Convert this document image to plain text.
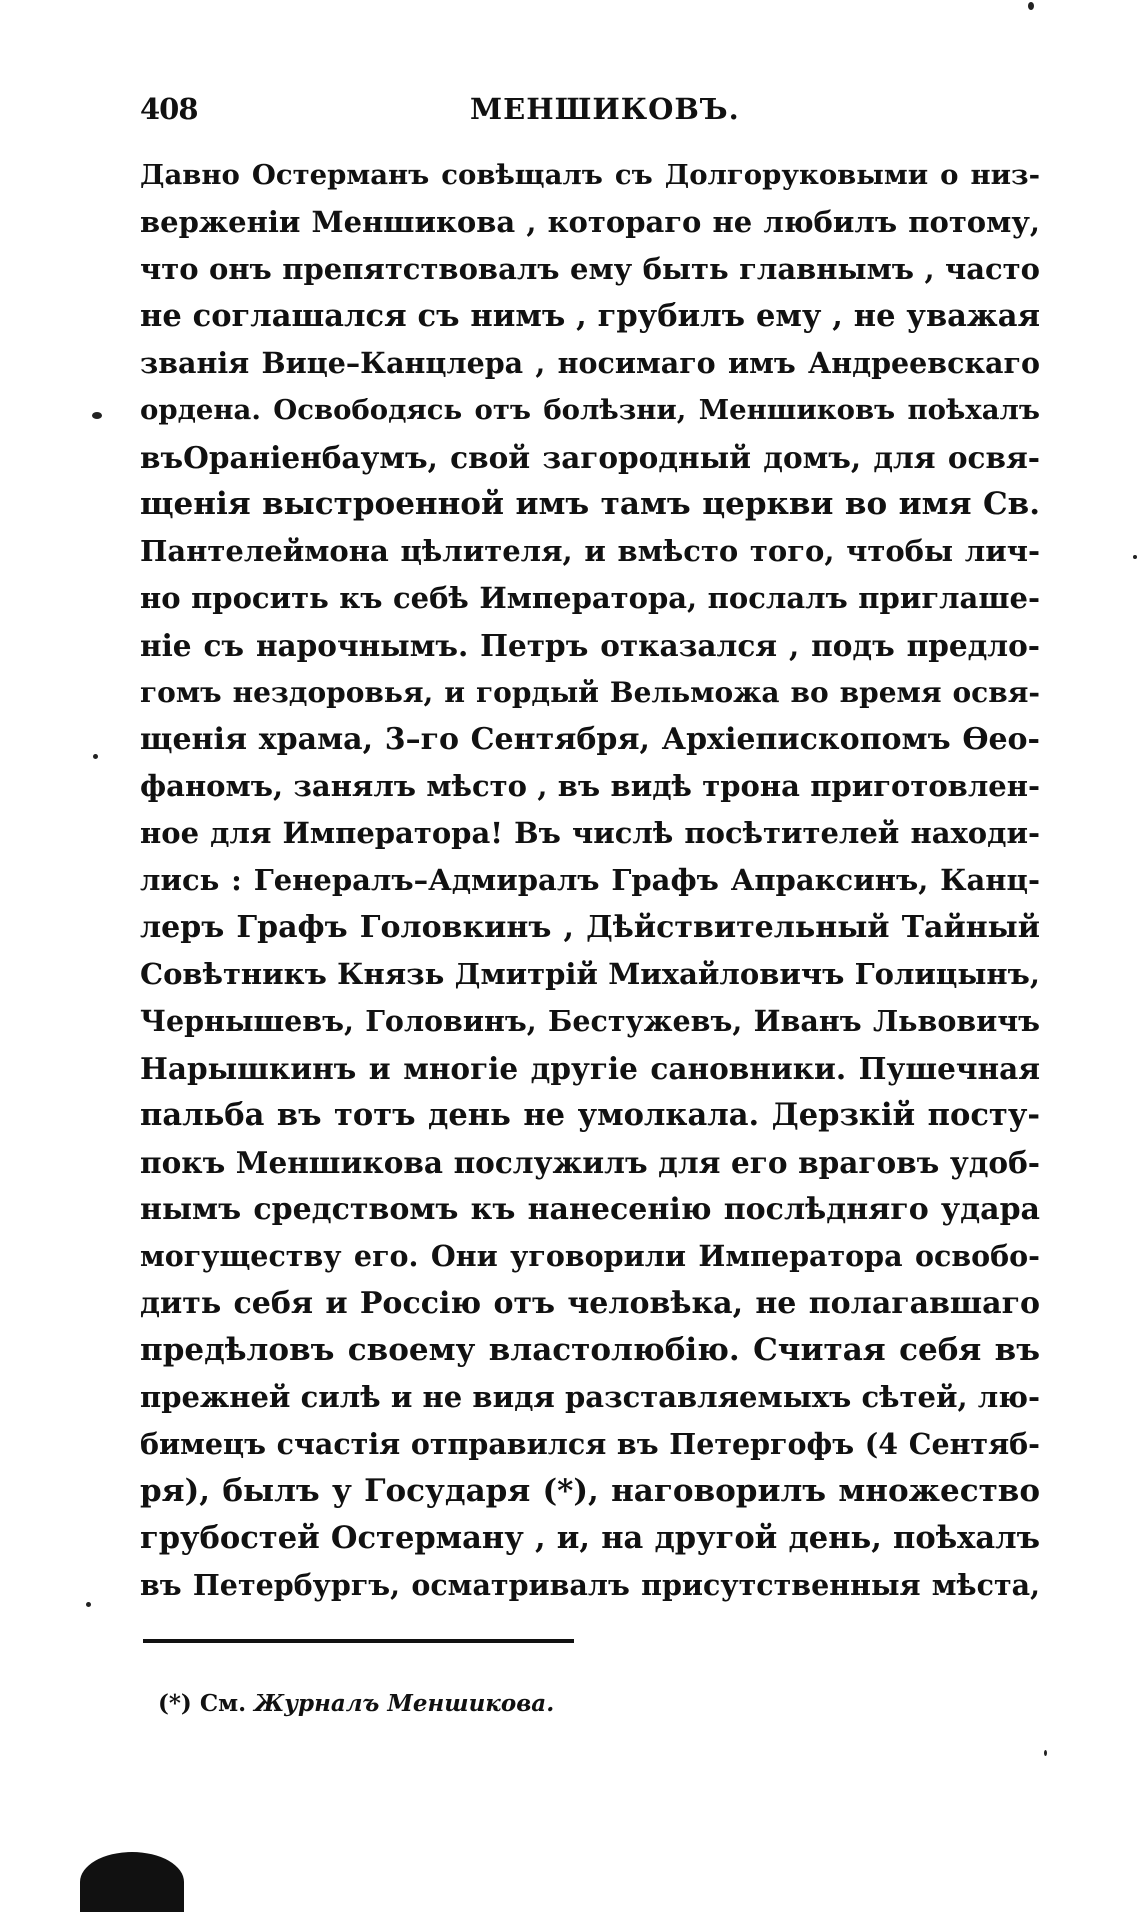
408	МЕНШИКОВЪ.
Давно Остерманъ совѣщалъ съ Долгоруковыми о низ-
верженіи Меншикова , котораго не любилъ потому,
что онъ препятствовалъ ему быть главнымъ , часто
не соглашался съ нимъ , грубилъ ему , не уважая
званія Вице–Канцлера , носимаго имъ Андреевскаго
ордена. Освободясь отъ болѣзни, Меншиковъ поѣхалъ
въОраніенбаумъ, свой загородный домъ, для освя-
щенія выстроенной имъ тамъ церкви во имя Св.
Пантелеймона цѣлителя, и вмѣсто того, чтобы лич-
но просить къ себѣ Императора, послалъ приглаше-
ніе съ нарочнымъ. Петръ отказался , подъ предло-
гомъ нездоровья, и гордый Вельможа во время освя-
щенія храма, 3–го Сентября, Архіепископомъ Ѳео-
фаномъ, занялъ мѣсто , въ видѣ трона приготовлен-
ное для Императора! Въ числѣ посѣтителей находи-
лись : Генералъ–Адмиралъ Графъ Апраксинъ, Канц-
леръ Графъ Головкинъ , Дѣйствительный Тайный
Совѣтникъ Князь Дмитрій Михайловичъ Голицынъ,
Чернышевъ, Головинъ, Бестужевъ, Иванъ Львовичъ
Нарышкинъ и многіе другіе сановники. Пушечная
пальба въ тотъ день не умолкала. Дерзкій посту-
покъ Меншикова послужилъ для его враговъ удоб-
нымъ средствомъ къ нанесенію послѣдняго удара
могуществу его. Они уговорили Императора освобо-
дить себя и Россію отъ человѣка, не полагавшаго
предѣловъ своему властолюбію. Считая себя въ
прежней силѣ и не видя разставляемыхъ сѣтей, лю-
бимецъ счастія отправился въ Петергофъ (4 Сентяб-
ря), былъ у Государя (*), наговорилъ множество
грубостей Остерману , и, на другой день, поѣхалъ
въ Петербургъ, осматривалъ присутственныя мѣста,
(*) См. Журналъ Меншикова.
